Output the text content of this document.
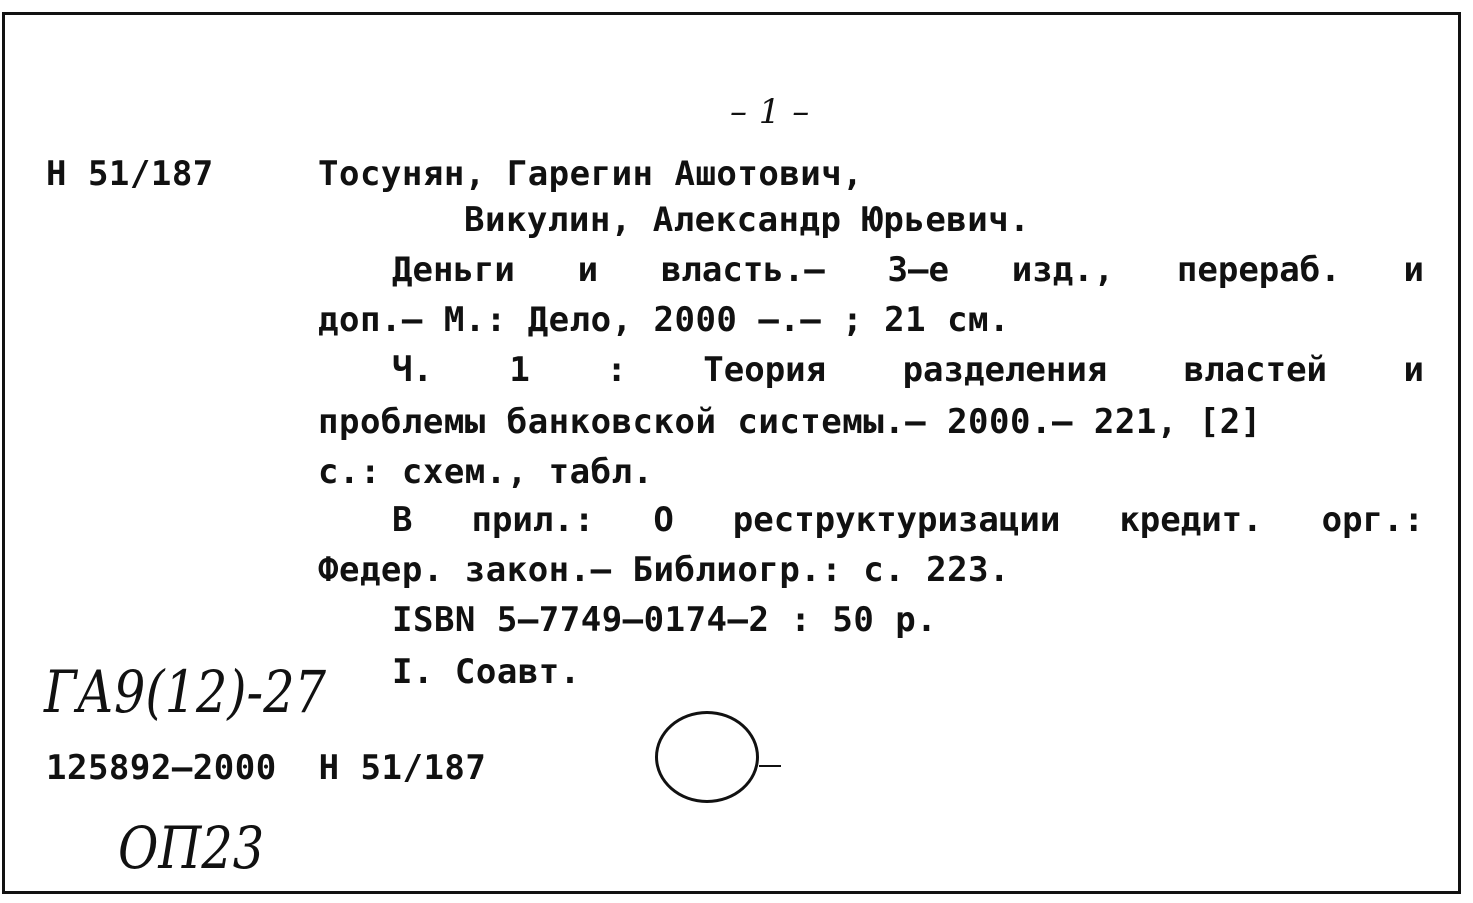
– 1 –
Н 51/187	Тосунян, Гарегин Ашотович,
Викулин, Александр Юрьевич.
Деньги и власть.– 3–е изд., перераб. и
доп.– М.: Дело, 2000 –.– ; 21 см.
Ч. 1 : Теория разделения властей и
проблемы банковской системы.– 2000.– 221, [2]
с.: схем., табл.
В прил.: О реструктуризации кредит. орг.:
Федер. закон.– Библиогр.: с. 223.
ISBN 5–7749–0174–2 : 50 р.
I. Соавт.
ГА9(12)-27
125892–2000  Н 51/187
ОП23
